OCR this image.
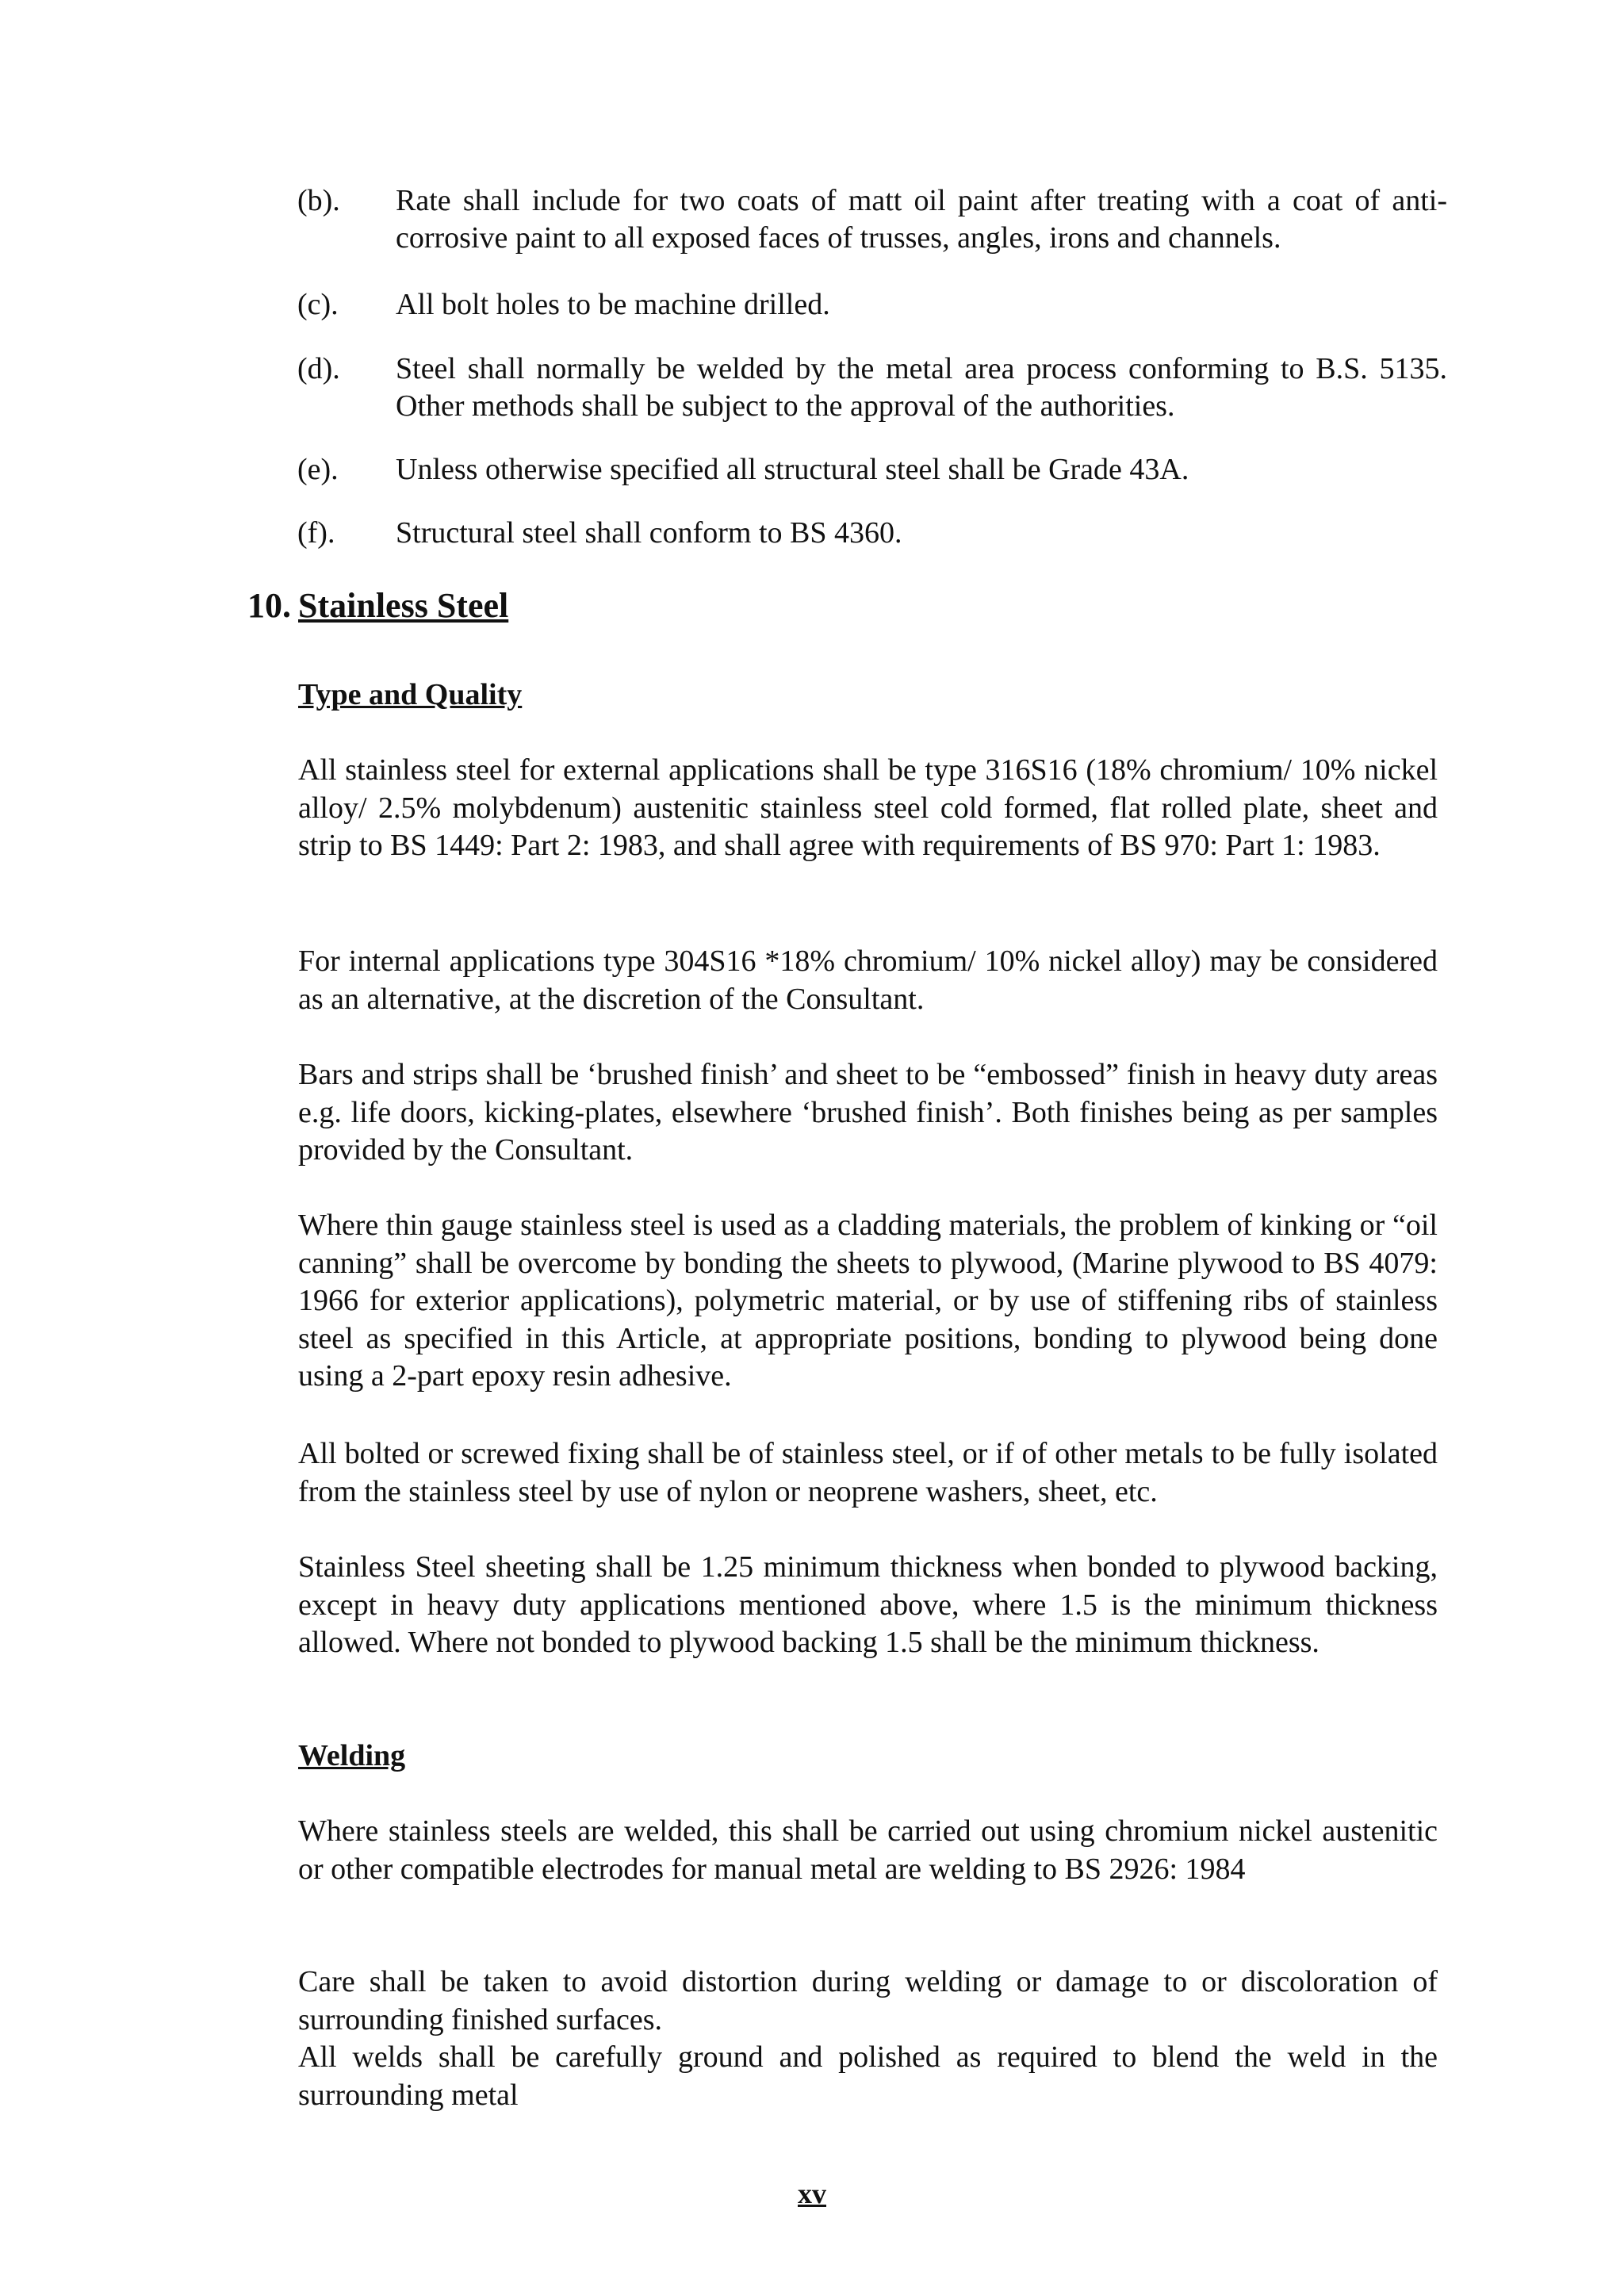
(b). Rate shall include for two coats of matt oil paint after treating with a coat of anti-corrosive paint to all exposed faces of trusses, angles, irons and channels.
(c). All bolt holes to be machine drilled.
(d). Steel shall normally be welded by the metal area process conforming to B.S. 5135. Other methods shall be subject to the approval of the authorities.
(e). Unless otherwise specified all structural steel shall be Grade 43A.
(f). Structural steel shall conform to BS 4360.
10. Stainless Steel
Type and Quality

All stainless steel for external applications shall be type 316S16 (18% chromium/ 10% nickel alloy/ 2.5% molybdenum) austenitic stainless steel cold formed, flat rolled plate, sheet and strip to BS 1449: Part 2: 1983, and shall agree with requirements of BS 970: Part 1: 1983.

For internal applications type 304S16 *18% chromium/ 10% nickel alloy) may be considered as an alternative, at the discretion of the Consultant.

Bars and strips shall be ‘brushed finish’ and sheet to be “embossed” finish in heavy duty areas e.g. life doors, kicking-plates, elsewhere ‘brushed finish’. Both finishes being as per samples provided by the Consultant.

Where thin gauge stainless steel is used as a cladding materials, the problem of kinking or “oil canning” shall be overcome by bonding the sheets to plywood, (Marine plywood to BS 4079: 1966 for exterior applications), polymetric material, or by use of stiffening ribs of stainless steel as specified in this Article, at appropriate positions, bonding to plywood being done using a 2-part epoxy resin adhesive.

All bolted or screwed fixing shall be of stainless steel, or if of other metals to be fully isolated from the stainless steel by use of nylon or neoprene washers, sheet, etc.

Stainless Steel sheeting shall be 1.25 minimum thickness when bonded to plywood backing, except in heavy duty applications mentioned above, where 1.5 is the minimum thickness allowed. Where not bonded to plywood backing 1.5 shall be the minimum thickness.

Welding

Where stainless steels are welded, this shall be carried out using chromium nickel austenitic or other compatible electrodes for manual metal are welding to BS 2926: 1984

Care shall be taken to avoid distortion during welding or damage to or discoloration of surrounding finished surfaces.

All welds shall be carefully ground and polished as required to blend the weld in the surrounding metal

xv
